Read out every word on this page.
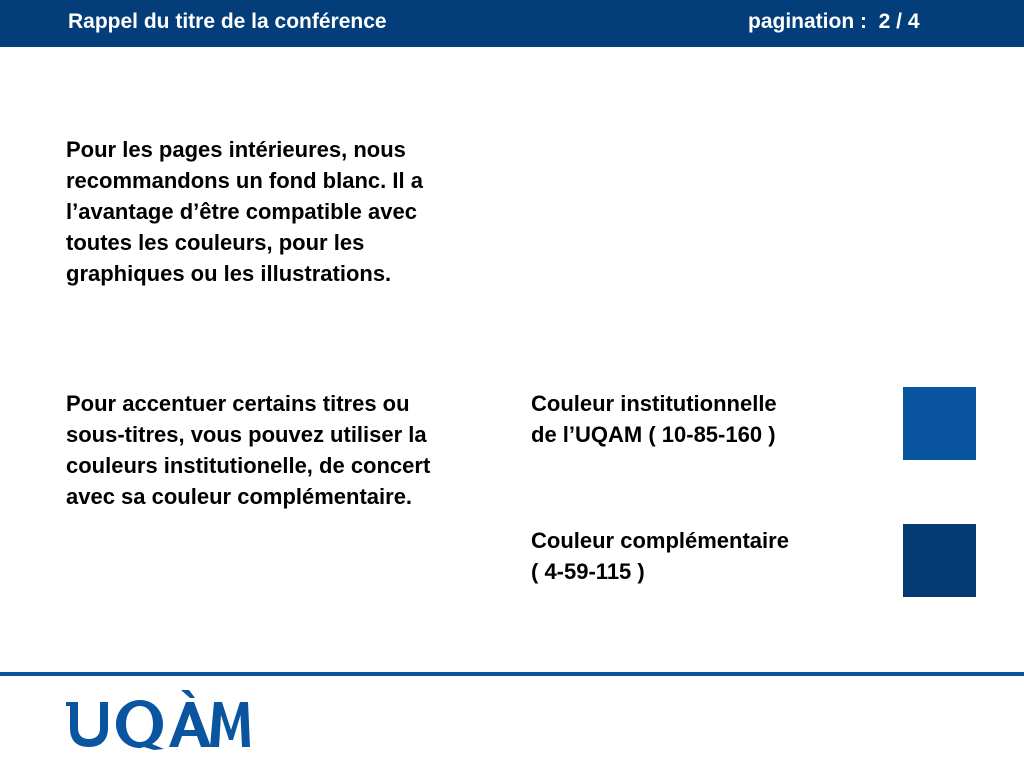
Rappel du titre de la conférence	pagination :  2 / 4

Pour les pages intérieures, nous
recommandons un fond blanc. Il a
l’avantage d’être compatible avec
toutes les couleurs, pour les
graphiques ou les illustrations.

Pour accentuer certains titres ou
sous-titres, vous pouvez utiliser la
couleurs institutionelle, de concert
avec sa couleur complémentaire.

Couleur institutionnelle
de l’UQAM ( 10-85-160 )

Couleur complémentaire
( 4-59-115 )
